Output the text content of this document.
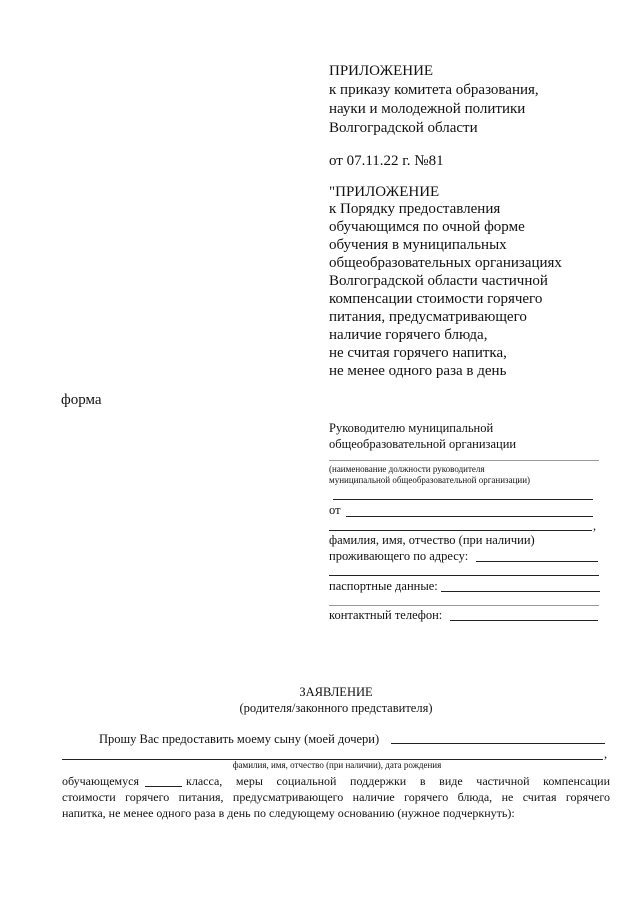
ПРИЛОЖЕНИЕ
к приказу комитета образования,
науки и молодежной политики
Волгоградской области
от 07.11.22 г. №81
"ПРИЛОЖЕНИЕ
к Порядку предоставления
обучающимся по очной форме
обучения в муниципальных
общеобразовательных организациях
Волгоградской области частичной
компенсации стоимости горячего
питания, предусматривающего
наличие горячего блюда,
не считая горячего напитка,
не менее одного раза в день
форма
Руководителю муниципальной
общеобразовательной организации
(наименование должности руководителя
муниципальной общеобразовательной организации)
от
,
фамилия, имя, отчество (при наличии)
проживающего по адресу:
паспортные данные:
контактный телефон:
ЗАЯВЛЕНИЕ
(родителя/законного представителя)
Прошу Вас предоставить моему сыну (моей дочери)
,
фамилия, имя, отчество (при наличии), дата рождения
обучающемуся	класса, меры социальной поддержки в виде частичной компенсации
стоимости горячего питания, предусматривающего наличие горячего блюда, не считая горячего
напитка, не менее одного раза в день по следующему основанию (нужное подчеркнуть):
